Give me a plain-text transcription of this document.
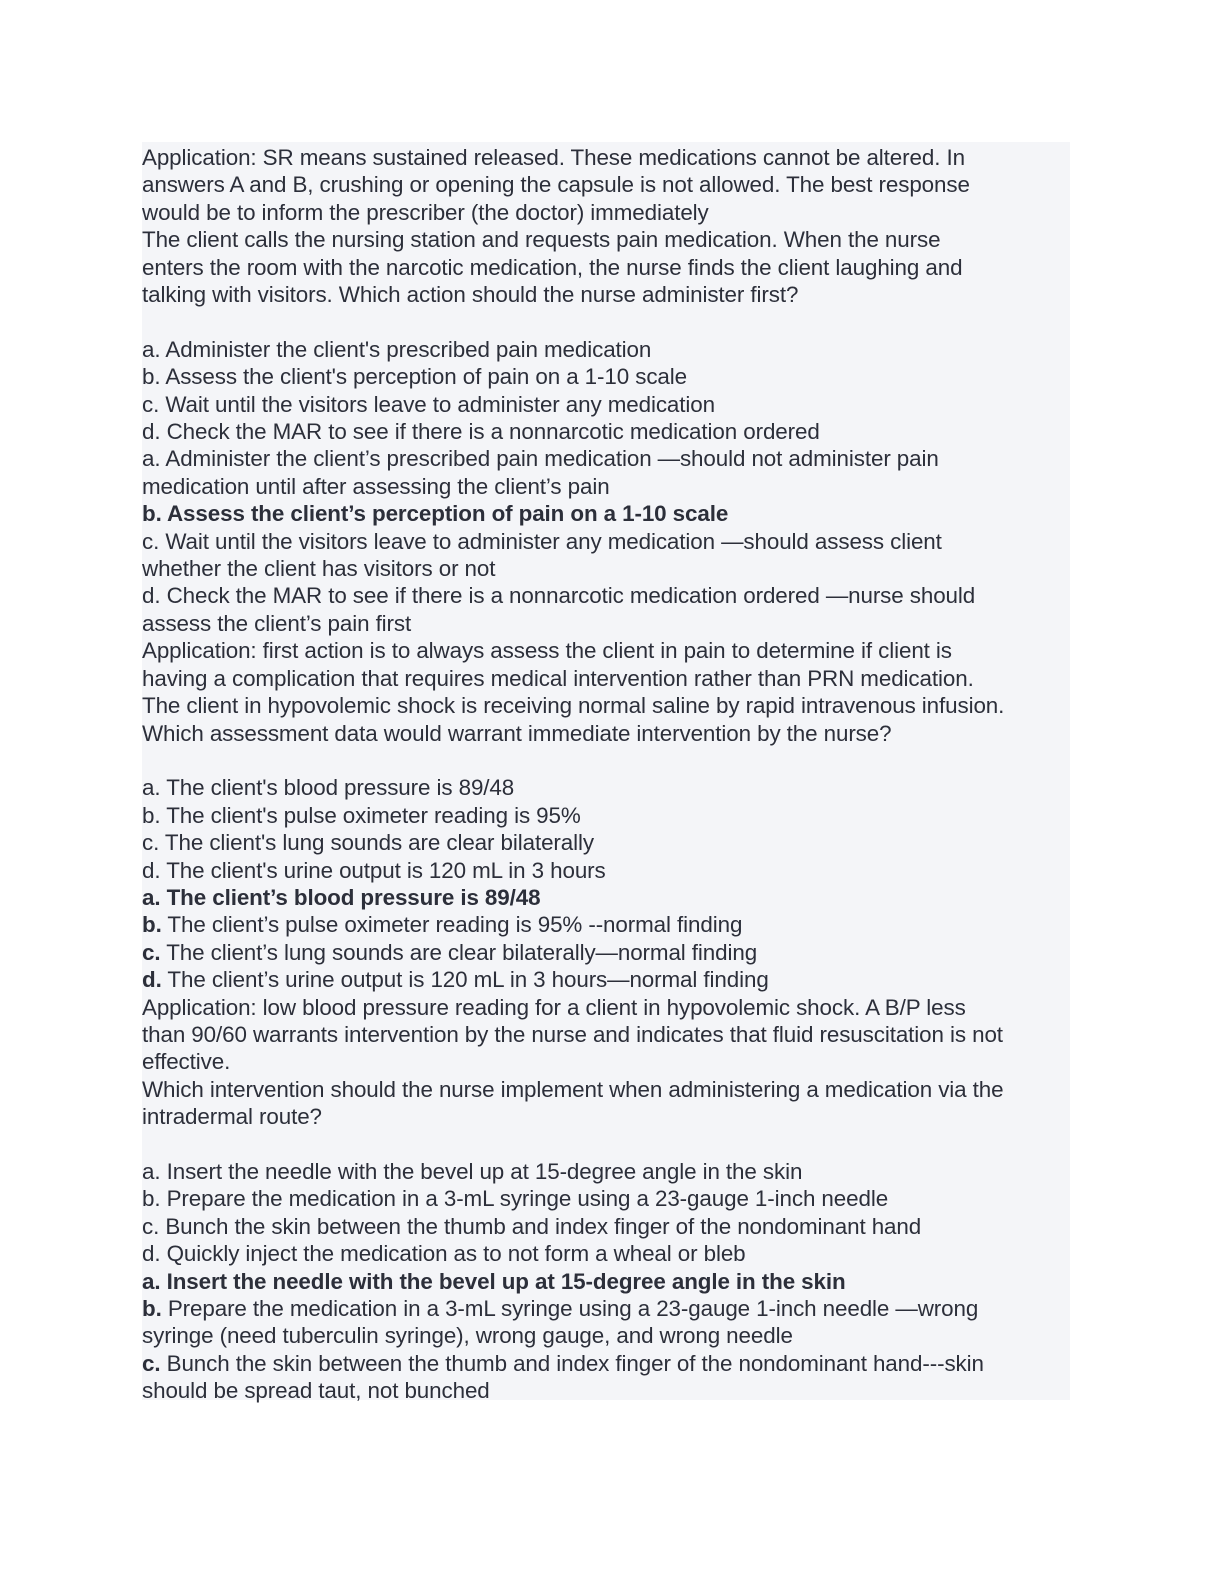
Application: SR means sustained released. These medications cannot be altered. In
answers A and B, crushing or opening the capsule is not allowed. The best response
would be to inform the prescriber (the doctor) immediately
The client calls the nursing station and requests pain medication. When the nurse
enters the room with the narcotic medication, the nurse finds the client laughing and
talking with visitors. Which action should the nurse administer first?
a. Administer the client's prescribed pain medication
b. Assess the client's perception of pain on a 1-10 scale
c. Wait until the visitors leave to administer any medication
d. Check the MAR to see if there is a nonnarcotic medication ordered
a. Administer the client’s prescribed pain medication —should not administer pain
medication until after assessing the client’s pain
b. Assess the client’s perception of pain on a 1-10 scale
c. Wait until the visitors leave to administer any medication —should assess client
whether the client has visitors or not
d. Check the MAR to see if there is a nonnarcotic medication ordered —nurse should
assess the client’s pain first
Application: first action is to always assess the client in pain to determine if client is
having a complication that requires medical intervention rather than PRN medication.
The client in hypovolemic shock is receiving normal saline by rapid intravenous infusion.
Which assessment data would warrant immediate intervention by the nurse?
a. The client's blood pressure is 89/48
b. The client's pulse oximeter reading is 95%
c. The client's lung sounds are clear bilaterally
d. The client's urine output is 120 mL in 3 hours
a. The client’s blood pressure is 89/48
b. The client’s pulse oximeter reading is 95% --normal finding
c. The client’s lung sounds are clear bilaterally—normal finding
d. The client’s urine output is 120 mL in 3 hours—normal finding
Application: low blood pressure reading for a client in hypovolemic shock. A B/P less
than 90/60 warrants intervention by the nurse and indicates that fluid resuscitation is not
effective.
Which intervention should the nurse implement when administering a medication via the
intradermal route?
a. Insert the needle with the bevel up at 15-degree angle in the skin
b. Prepare the medication in a 3-mL syringe using a 23-gauge 1-inch needle
c. Bunch the skin between the thumb and index finger of the nondominant hand
d. Quickly inject the medication as to not form a wheal or bleb
a. Insert the needle with the bevel up at 15-degree angle in the skin
b. Prepare the medication in a 3-mL syringe using a 23-gauge 1-inch needle —wrong
syringe (need tuberculin syringe), wrong gauge, and wrong needle
c. Bunch the skin between the thumb and index finger of the nondominant hand---skin
should be spread taut, not bunched
